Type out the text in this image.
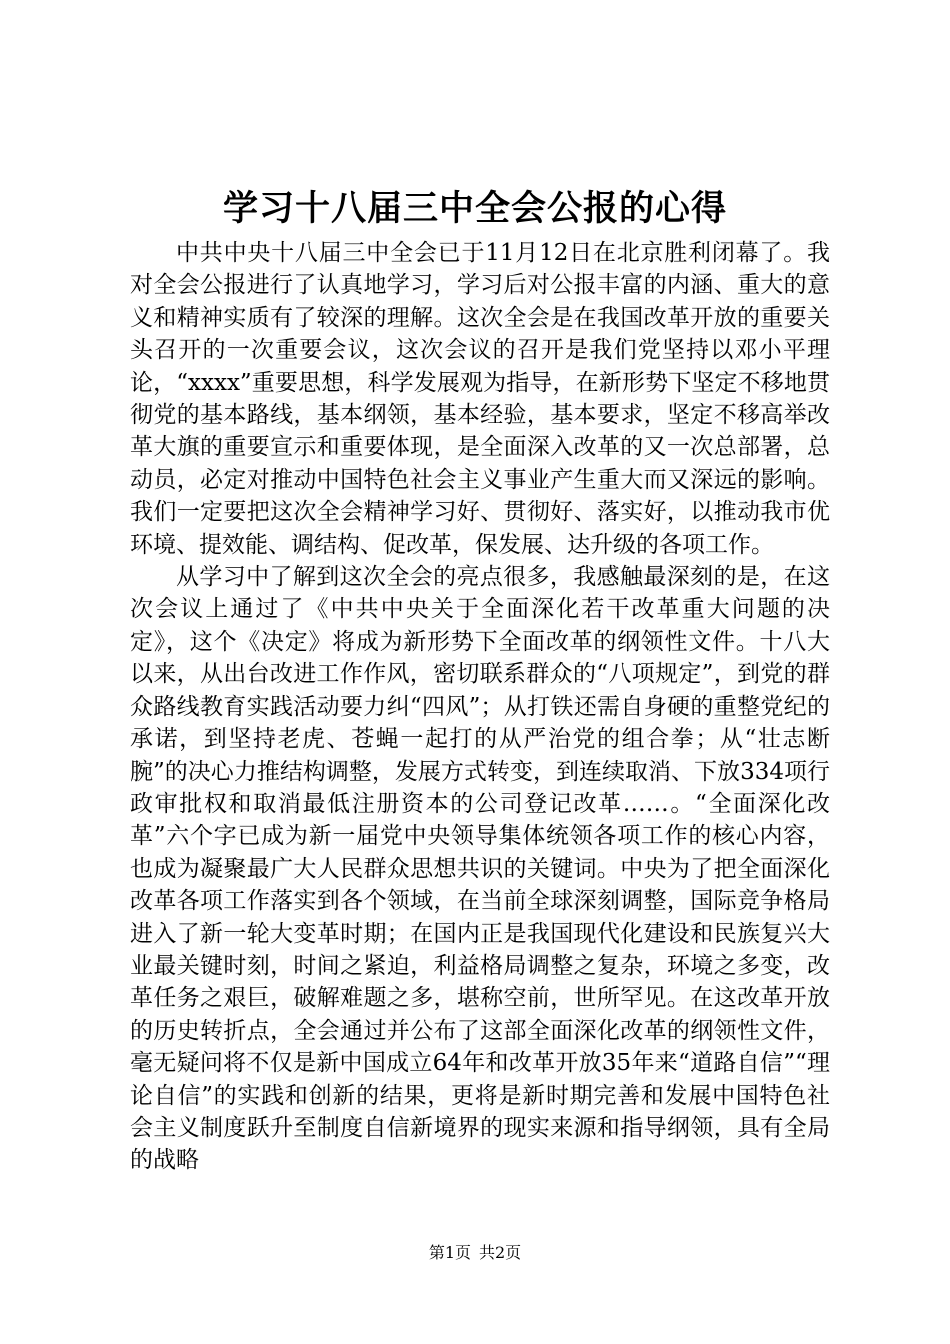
学习十八届三中全会公报的心得

中共中央十八届三中全会已于11月12日在北京胜利闭幕了。我对全会公报进行了认真地学习，学习后对公报丰富的内涵、重大的意义和精神实质有了较深的理解。这次全会是在我国改革开放的重要关头召开的一次重要会议，这次会议的召开是我们党坚持以邓小平理论，“xxxx”重要思想，科学发展观为指导，在新形势下坚定不移地贯彻党的基本路线，基本纲领，基本经验，基本要求，坚定不移高举改革大旗的重要宣示和重要体现，是全面深入改革的又一次总部署，总动员，必定对推动中国特色社会主义事业产生重大而又深远的影响。我们一定要把这次全会精神学习好、贯彻好、落实好，以推动我市优环境、提效能、调结构、促改革，保发展、达升级的各项工作。

从学习中了解到这次全会的亮点很多，我感触最深刻的是，在这次会议上通过了《中共中央关于全面深化若干改革重大问题的决定》，这个《决定》将成为新形势下全面改革的纲领性文件。十八大以来，从出台改进工作作风，密切联系群众的“八项规定”，到党的群众路线教育实践活动要力纠“四风”；从打铁还需自身硬的重整党纪的承诺，到坚持老虎、苍蝇一起打的从严治党的组合拳；从“壮志断腕”的决心力推结构调整，发展方式转变，到连续取消、下放334项行政审批权和取消最低注册资本的公司登记改革……。“全面深化改革”六个字已成为新一届党中央领导集体统领各项工作的核心内容，也成为凝聚最广大人民群众思想共识的关键词。中央为了把全面深化改革各项工作落实到各个领域，在当前全球深刻调整，国际竞争格局进入了新一轮大变革时期；在国内正是我国现代化建设和民族复兴大业最关键时刻，时间之紧迫，利益格局调整之复杂，环境之多变，改革任务之艰巨，破解难题之多，堪称空前，世所罕见。在这改革开放的历史转折点，全会通过并公布了这部全面深化改革的纲领性文件，毫无疑问将不仅是新中国成立64年和改革开放35年来“道路自信”“理论自信”的实践和创新的结果，更将是新时期完善和发展中国特色社会主义制度跃升至制度自信新境界的现实来源和指导纲领，具有全局的战略

第1页 共2页
